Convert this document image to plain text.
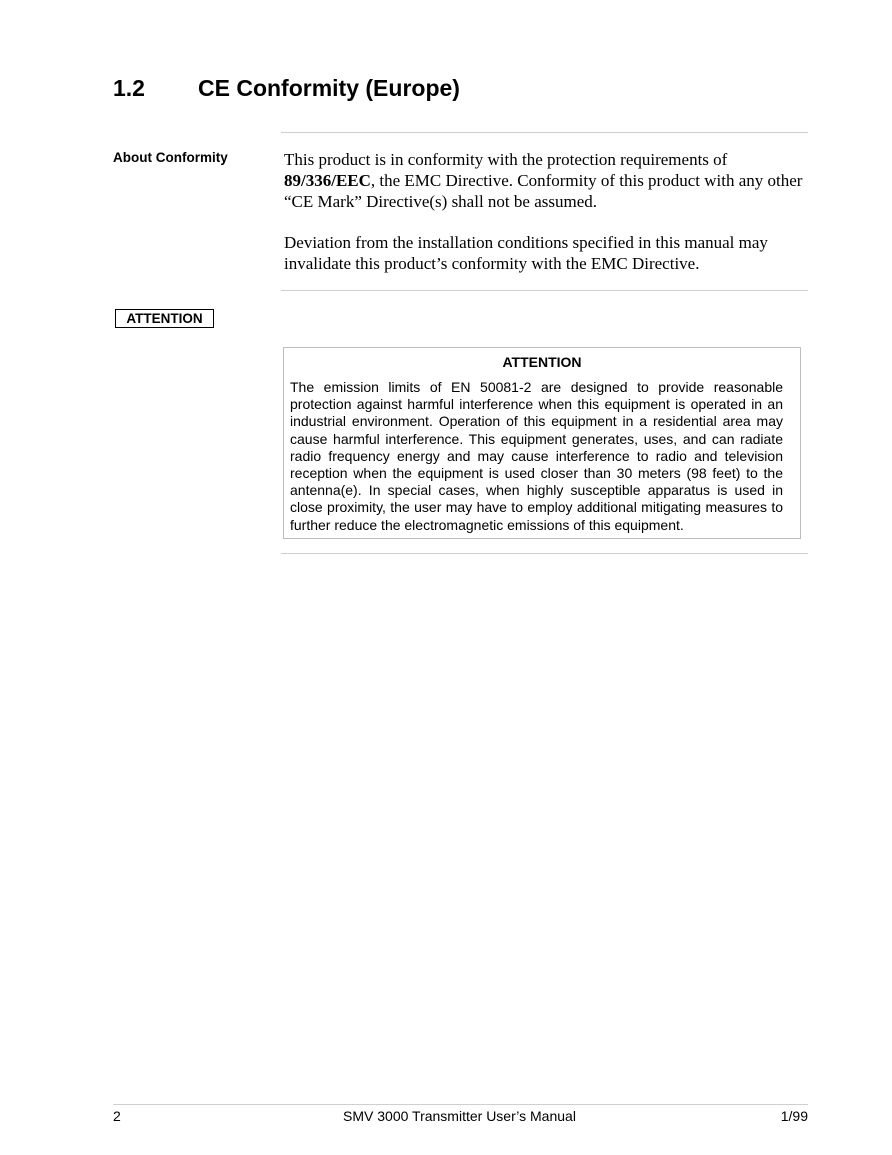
1.2 CE Conformity (Europe)
About Conformity	This product is in conformity with the protection requirements of
89/336/EEC, the EMC Directive. Conformity of this product with any other “CE Mark” Directive(s) shall not be assumed.

Deviation from the installation conditions specified in this manual may invalidate this product’s conformity with the EMC Directive.

ATTENTION
ATTENTION

The emission limits of EN 50081-2 are designed to provide reasonable protection against harmful interference when this equipment is operated in an industrial environment. Operation of this equipment in a residential area may cause harmful interference. This equipment generates, uses, and can radiate radio frequency energy and may cause interference to radio and television reception when the equipment is used closer than 30 meters (98 feet) to the antenna(e). In special cases, when highly susceptible apparatus is used in close proximity, the user may have to employ additional mitigating measures to further reduce the electromagnetic emissions of this equipment.

2	SMV 3000 Transmitter User’s Manual	1/99
